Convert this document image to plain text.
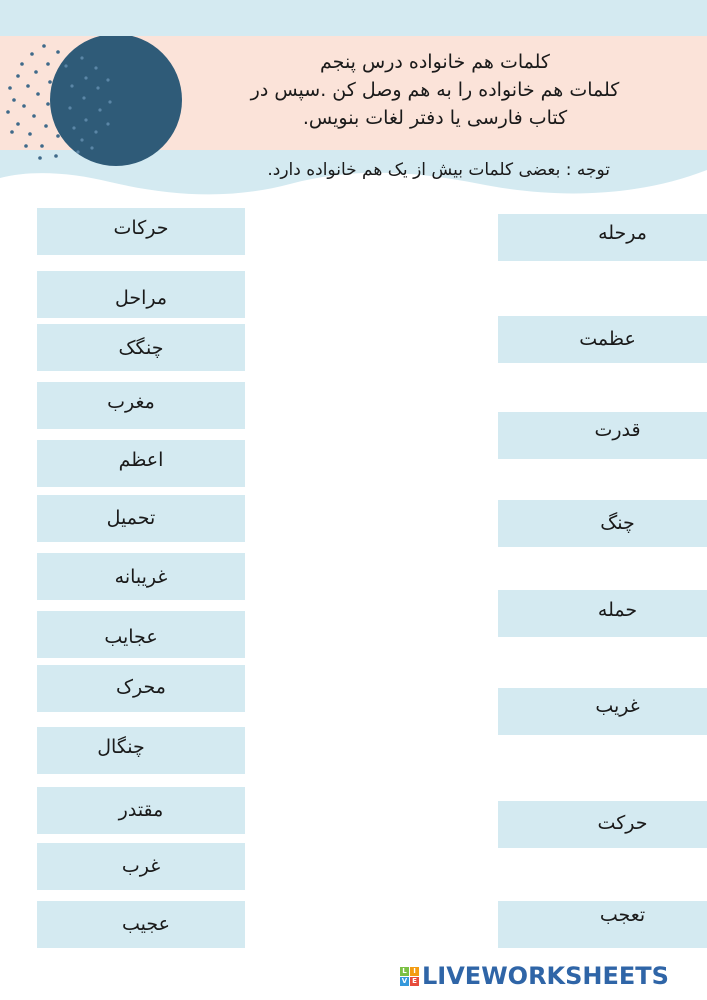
کلمات هم خانواده درس پنجم
کلمات هم خانواده را به هم وصل کن .سپس در
کتاب فارسی یا دفتر لغات بنویس.
توجه : بعضی کلمات بیش از یک هم خانواده دارد.
حرکات
مراحل
چنگک
مغرب
اعظم
تحمیل
غریبانه
عجایب
محرک
چنگال
مقتدر
غرب
عجیب
مرحله
عظمت
قدرت
چنگ
حمله
غریب
حرکت
تعجب
L I
V E LIVEWORKSHEETS
